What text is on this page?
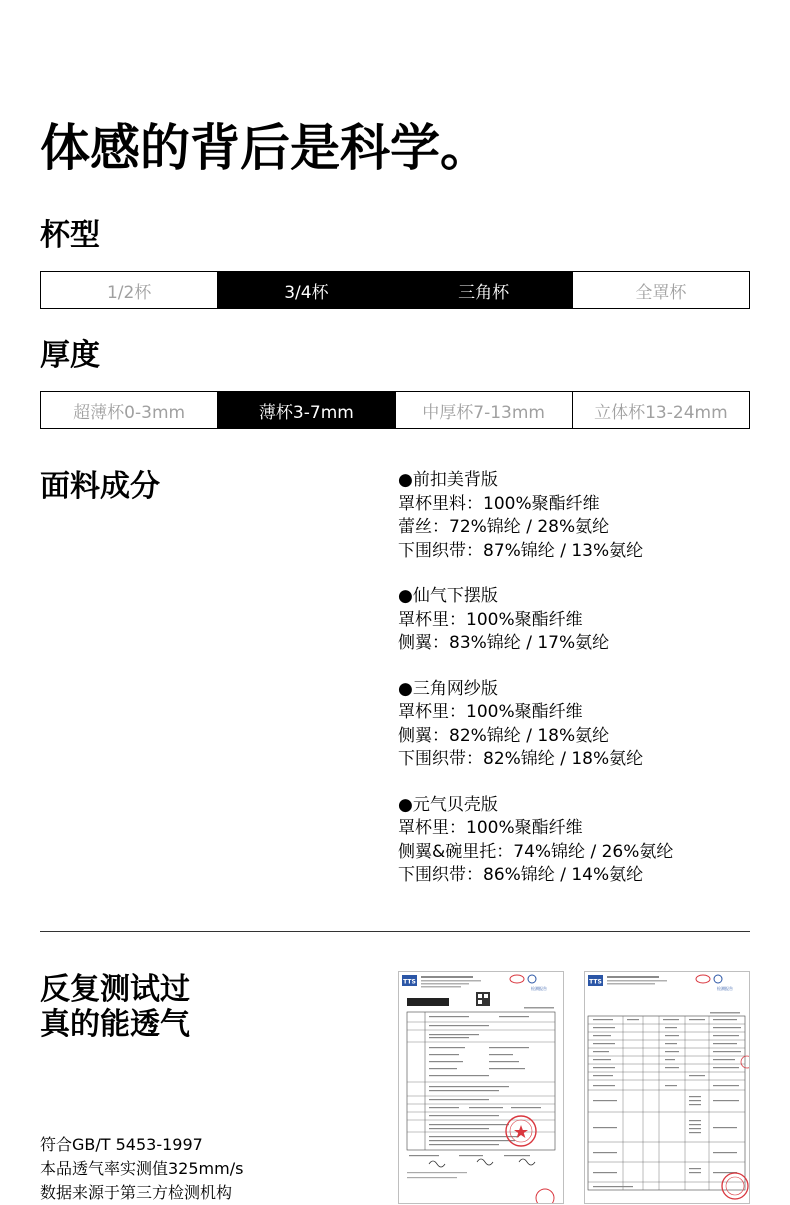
体感的背后是科学。
杯型
1/2杯	3/4杯	三角杯	全罩杯
厚度
超薄杯0-3mm	薄杯3-7mm	中厚杯7-13mm	立体杯13-24mm
面料成分	●前扣美背版
罩杯里料：100%聚酯纤维
蕾丝：72%锦纶 / 28%氨纶
下围织带：87%锦纶 / 13%氨纶
●仙气下摆版
罩杯里：100%聚酯纤维
侧翼：83%锦纶 / 17%氨纶
●三角网纱版
罩杯里：100%聚酯纤维
侧翼：82%锦纶 / 18%氨纶
下围织带：82%锦纶 / 18%氨纶
●元气贝壳版
罩杯里：100%聚酯纤维
侧翼&碗里托：74%锦纶 / 26%氨纶
下围织带：86%锦纶 / 14%氨纶
反复测试过
真的能透气
符合GB/T 5453-1997
本品透气率实测值325mm/s
数据来源于第三方检测机构
TTS
检测报告
TTS
检测报告
